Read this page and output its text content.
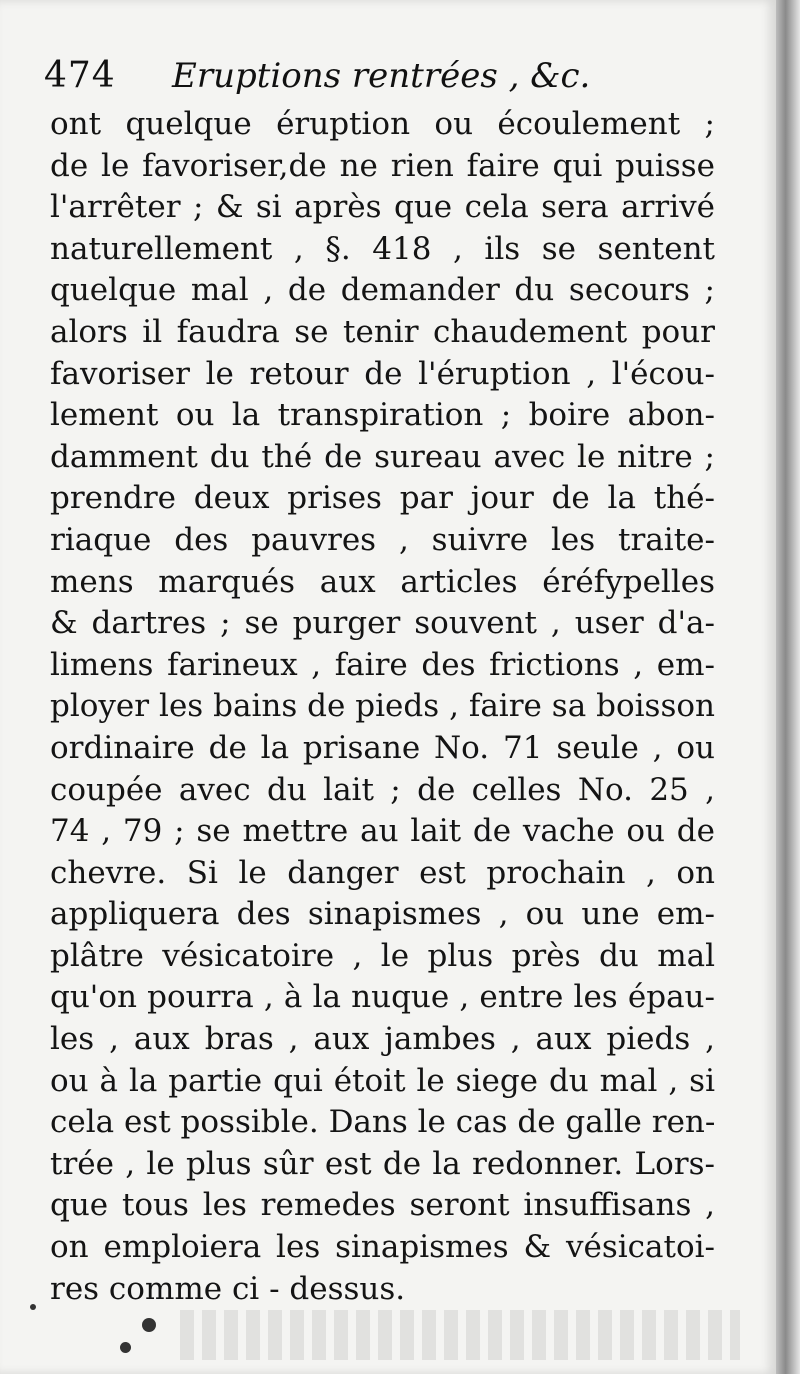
474 Eruptions rentrées , &c.
ont quelque éruption ou écoulement ;
de le favoriser,de ne rien faire qui puisse
l'arrêter ; & si après que cela sera arrivé
naturellement , §. 418 , ils se sentent
quelque mal , de demander du secours ;
alors il faudra se tenir chaudement pour
favoriser le retour de l'éruption , l'écou-
lement ou la transpiration ; boire abon-
damment du thé de sureau avec le nitre ;
prendre deux prises par jour de la thé-
riaque des pauvres , suivre les traite-
mens marqués aux articles éréfypelles
& dartres ; se purger souvent , user d'a-
limens farineux , faire des frictions , em-
ployer les bains de pieds , faire sa boisson
ordinaire de la prisane No. 71 seule , ou
coupée avec du lait ; de celles No. 25 ,
74 , 79 ; se mettre au lait de vache ou de
chevre. Si le danger est prochain , on
appliquera des sinapismes , ou une em-
plâtre vésicatoire , le plus près du mal
qu'on pourra , à la nuque , entre les épau-
les , aux bras , aux jambes , aux pieds ,
ou à la partie qui étoit le siege du mal , si
cela est possible. Dans le cas de galle ren-
trée , le plus sûr est de la redonner. Lors-
que tous les remedes seront insuffisans ,
on emploiera les sinapismes & vésicatoi-
res comme ci - dessus.
